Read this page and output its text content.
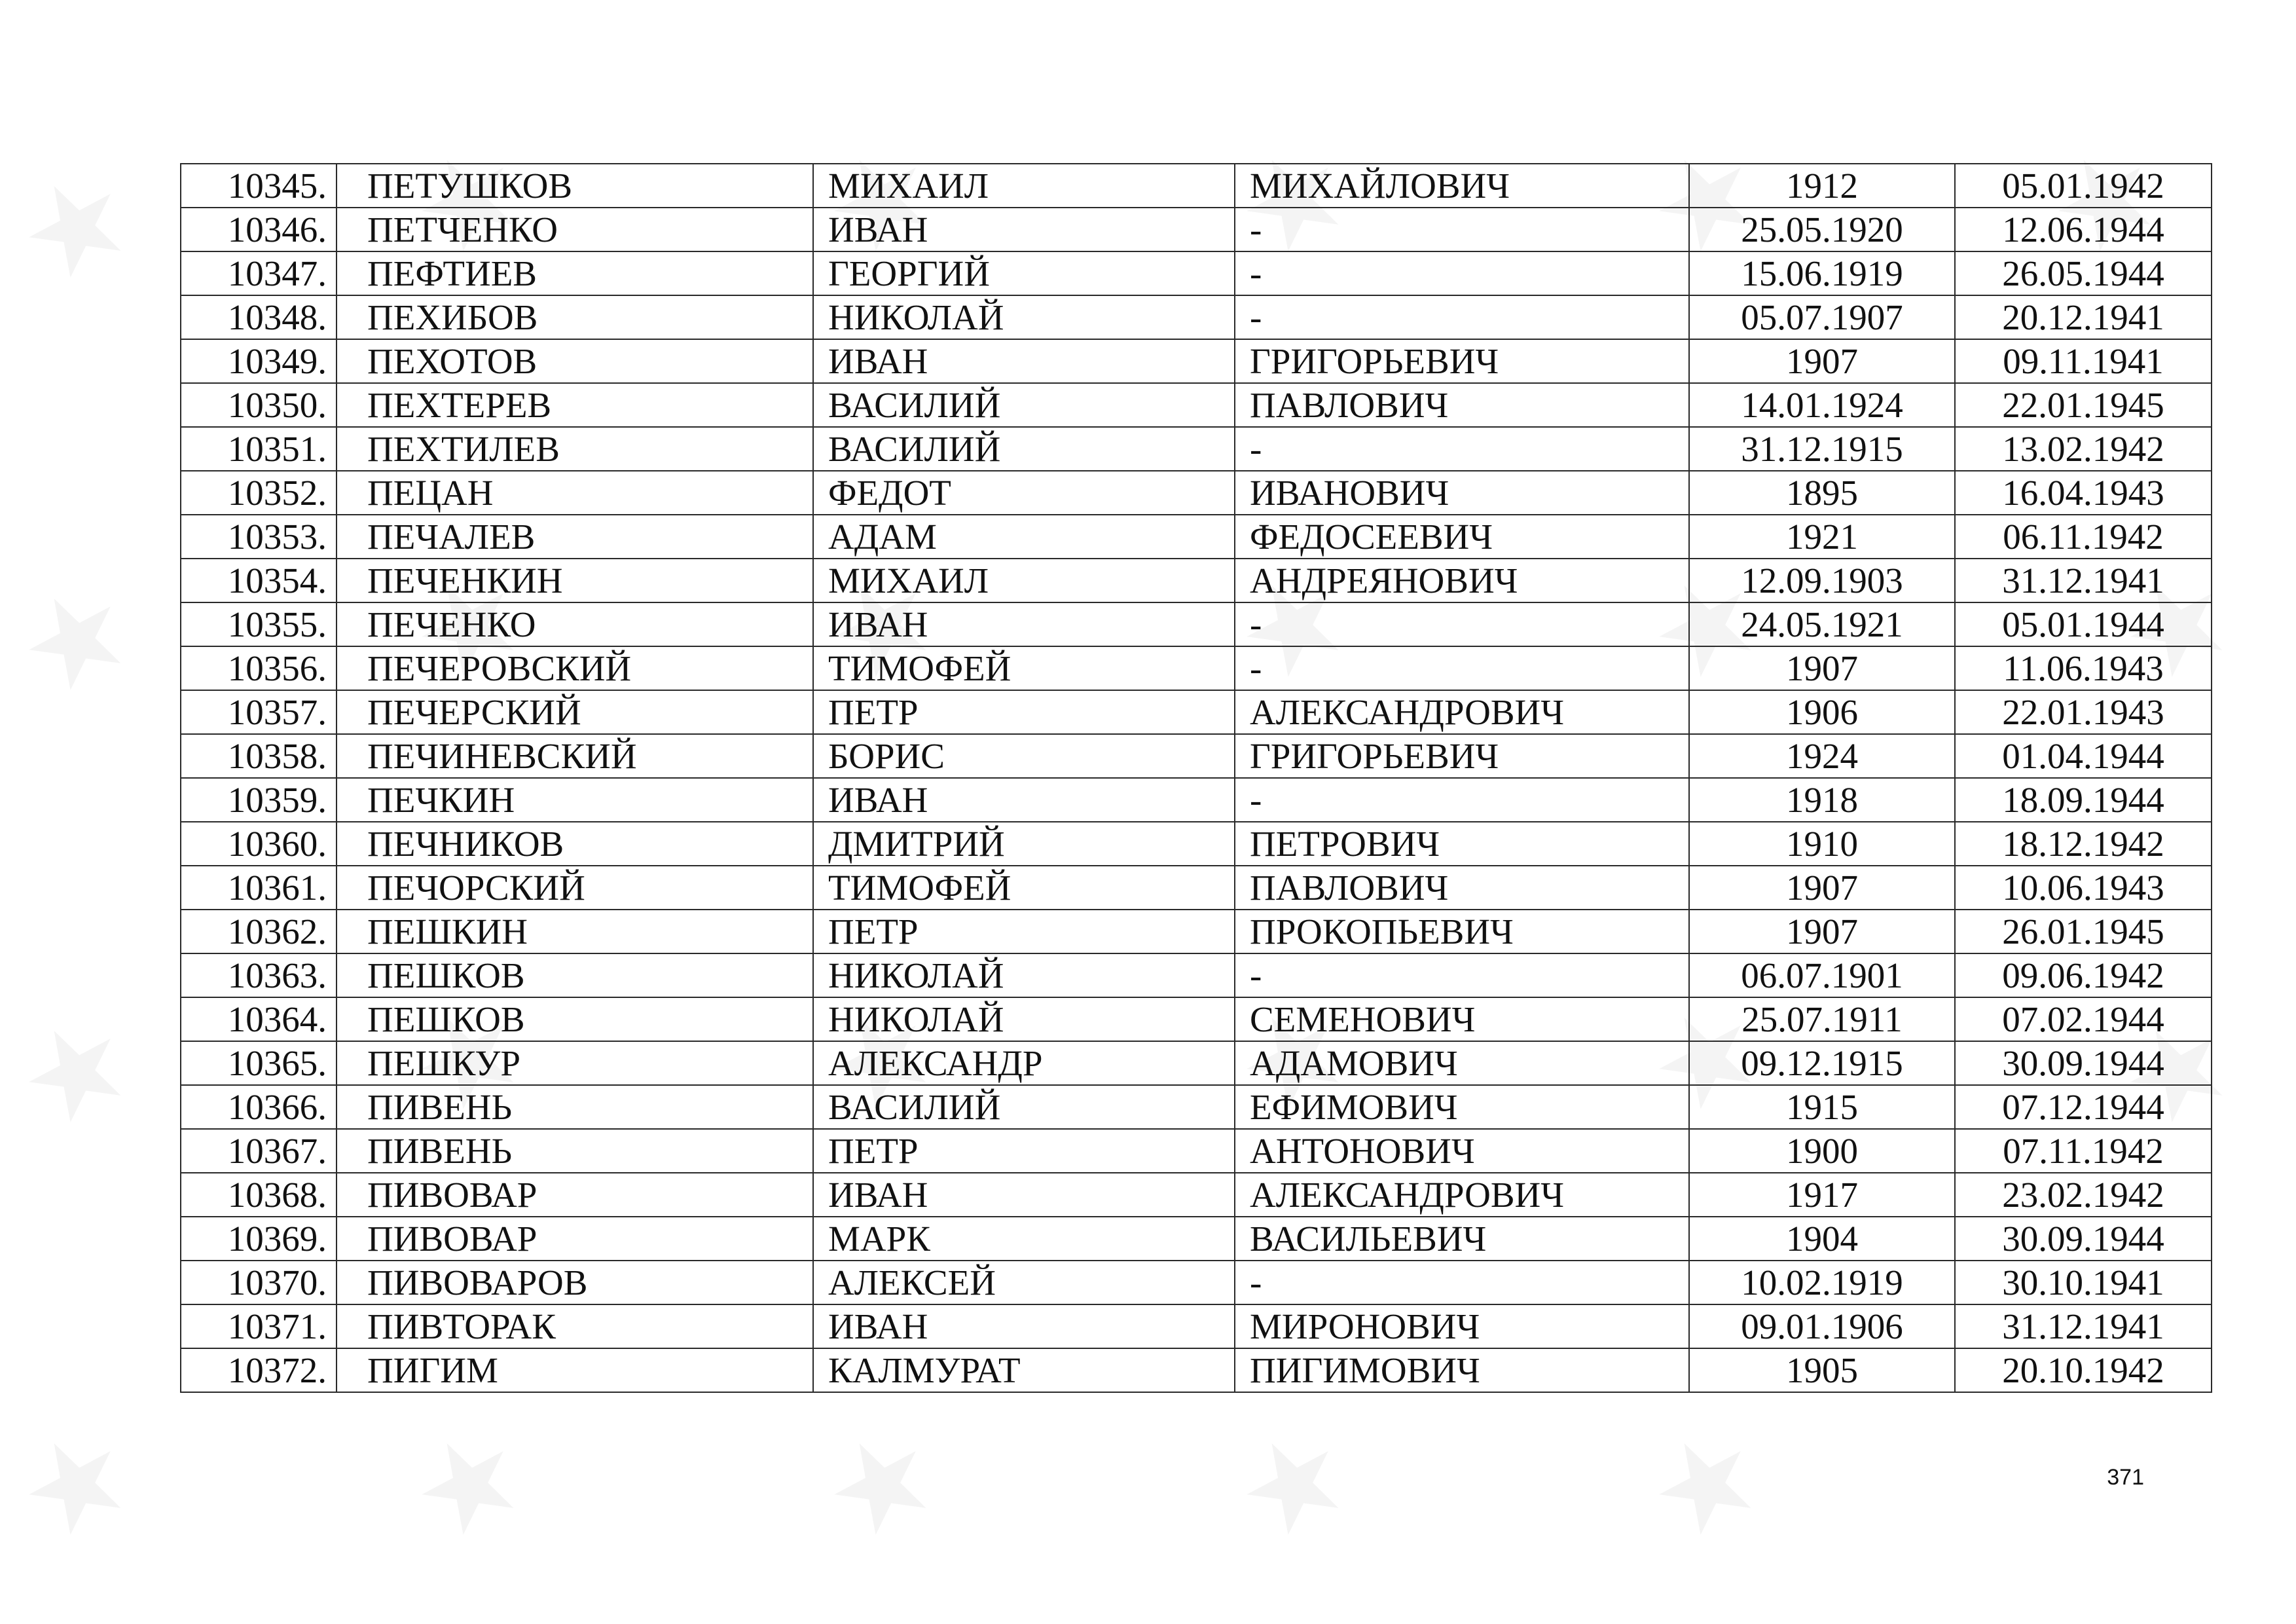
10345.	ПЕТУШКОВ	МИХАИЛ	МИХАЙЛОВИЧ	1912	05.01.1942
10346.	ПЕТЧЕНКО	ИВАН	-	25.05.1920	12.06.1944
10347.	ПЕФТИЕВ	ГЕОРГИЙ	-	15.06.1919	26.05.1944
10348.	ПЕХИБОВ	НИКОЛАЙ	-	05.07.1907	20.12.1941
10349.	ПЕХОТОВ	ИВАН	ГРИГОРЬЕВИЧ	1907	09.11.1941
10350.	ПЕХТЕРЕВ	ВАСИЛИЙ	ПАВЛОВИЧ	14.01.1924	22.01.1945
10351.	ПЕХТИЛЕВ	ВАСИЛИЙ	-	31.12.1915	13.02.1942
10352.	ПЕЦАН	ФЕДОТ	ИВАНОВИЧ	1895	16.04.1943
10353.	ПЕЧАЛЕВ	АДАМ	ФЕДОСЕЕВИЧ	1921	06.11.1942
10354.	ПЕЧЕНКИН	МИХАИЛ	АНДРЕЯНОВИЧ	12.09.1903	31.12.1941
10355.	ПЕЧЕНКО	ИВАН	-	24.05.1921	05.01.1944
10356.	ПЕЧЕРОВСКИЙ	ТИМОФЕЙ	-	1907	11.06.1943
10357.	ПЕЧЕРСКИЙ	ПЕТР	АЛЕКСАНДРОВИЧ	1906	22.01.1943
10358.	ПЕЧИНЕВСКИЙ	БОРИС	ГРИГОРЬЕВИЧ	1924	01.04.1944
10359.	ПЕЧКИН	ИВАН	-	1918	18.09.1944
10360.	ПЕЧНИКОВ	ДМИТРИЙ	ПЕТРОВИЧ	1910	18.12.1942
10361.	ПЕЧОРСКИЙ	ТИМОФЕЙ	ПАВЛОВИЧ	1907	10.06.1943
10362.	ПЕШКИН	ПЕТР	ПРОКОПЬЕВИЧ	1907	26.01.1945
10363.	ПЕШКОВ	НИКОЛАЙ	-	06.07.1901	09.06.1942
10364.	ПЕШКОВ	НИКОЛАЙ	СЕМЕНОВИЧ	25.07.1911	07.02.1944
10365.	ПЕШКУР	АЛЕКСАНДР	АДАМОВИЧ	09.12.1915	30.09.1944
10366.	ПИВЕНЬ	ВАСИЛИЙ	ЕФИМОВИЧ	1915	07.12.1944
10367.	ПИВЕНЬ	ПЕТР	АНТОНОВИЧ	1900	07.11.1942
10368.	ПИВОВАР	ИВАН	АЛЕКСАНДРОВИЧ	1917	23.02.1942
10369.	ПИВОВАР	МАРК	ВАСИЛЬЕВИЧ	1904	30.09.1944
10370.	ПИВОВАРОВ	АЛЕКСЕЙ	-	10.02.1919	30.10.1941
10371.	ПИВТОРАК	ИВАН	МИРОНОВИЧ	09.01.1906	31.12.1941
10372.	ПИГИМ	КАЛМУРАТ	ПИГИМОВИЧ	1905	20.10.1942
371
